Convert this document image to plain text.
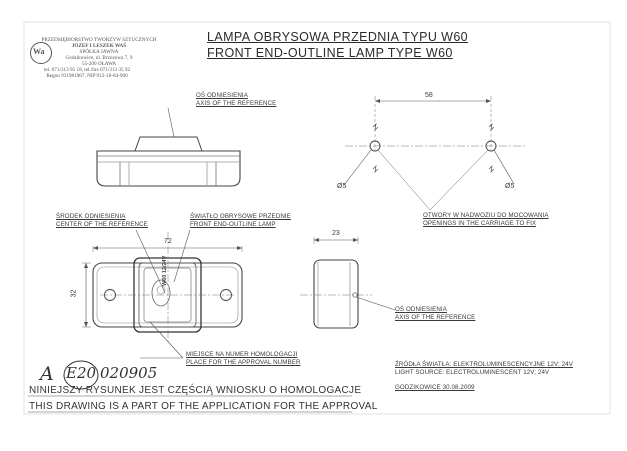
Wa
PRZEDSIĘBIORSTWO TWORZYW SZTUCZNYCH
JÓZEF I LESZEK WAŚ
SPÓŁKA JAWNA
Godzikowice, ul. Brzozowa 7, 9
55-200 OŁAWA
tel. 071/313 95 18, tel./fax 071/313 35 92
Regon 931981967, NIP 912-18-84-900
LAMPA OBRYSOWA PRZEDNIA TYPU W60
FRONT END-OUTLINE LAMP TYPE W60
OŚ ODNIESIENIA
AXIS OF THE REFERENCE
58
Ø5	Ø5
OTWORY W NADWOZIU DO MOCOWANIA
OPENINGS IN THE CARRIAGE TO FIX
ŚRODEK ODNIESIENIA
CENTER OF THE REFERENCE
ŚWIATŁO OBRYSOWE PRZEDNIE
FRONT END-OUTLINE LAMP
72
32
23
W60 12/24V
OŚ ODNIESIENIA
AXIS OF THE REFERENCE
MIEJSCE NA NUMER HOMOLOGACJI
PLACE FOR THE APPROVAL NUMBER	ŹRÓDŁA ŚWIATŁA: ELEKTROLUMINESCENCYJNE 12V; 24V
LIGHT SOURCE: ELECTROLUMINESCENT 12V; 24V
GODZIKOWICE 30.08.2009
A E20 020905
NINIEJSZY RYSUNEK JEST CZĘŚCIĄ WNIOSKU O HOMOLOGACJE
THIS DRAWING IS A PART OF THE APPLICATION FOR THE APPROVAL
